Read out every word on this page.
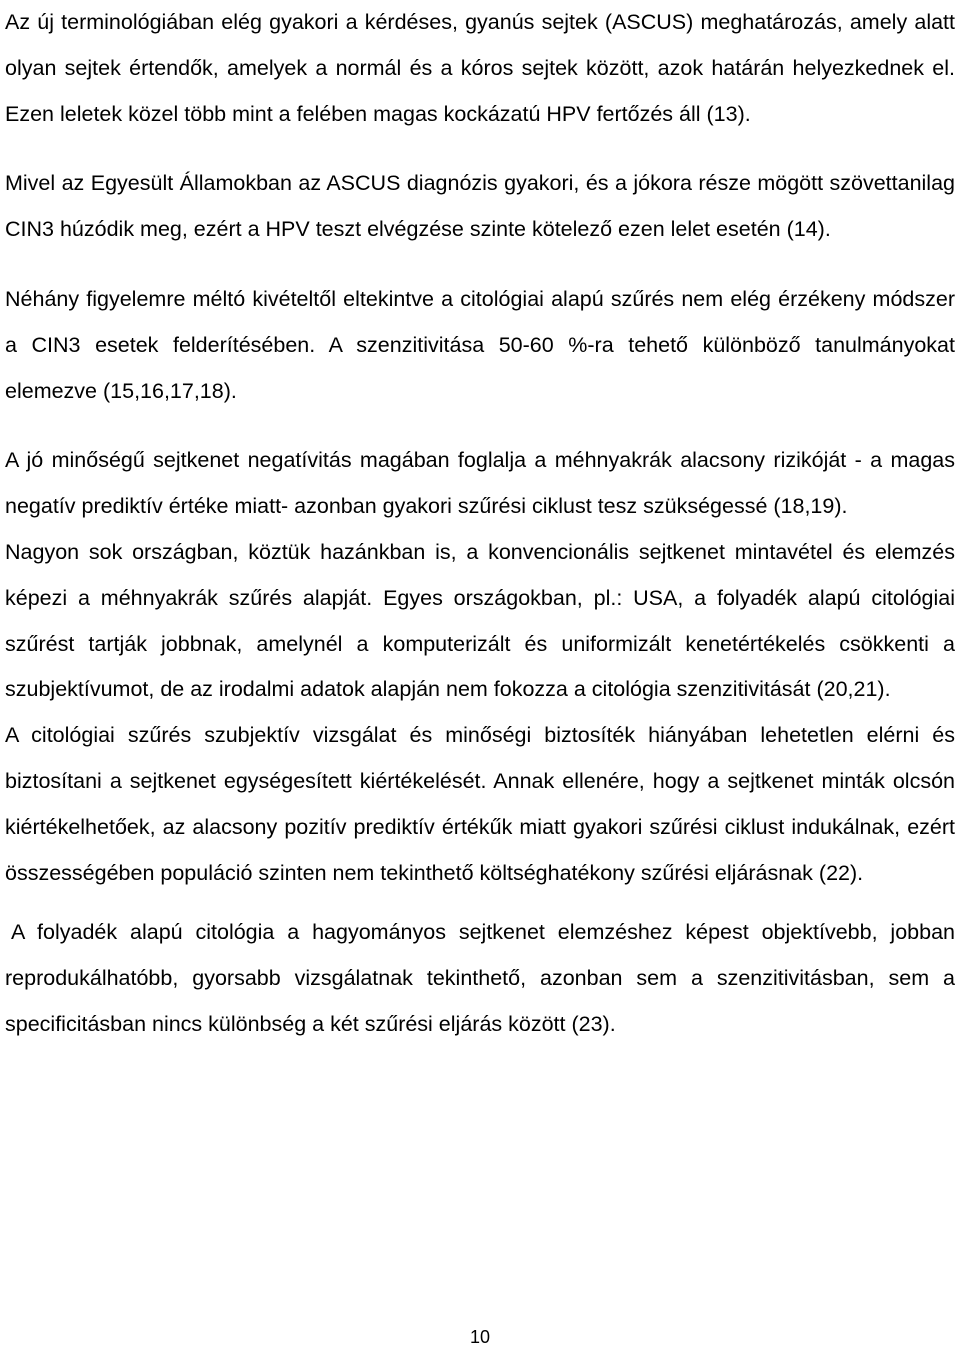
Az új terminológiában elég gyakori a kérdéses, gyanús sejtek (ASCUS) meghatározás, amely alatt olyan sejtek értendők, amelyek a normál és a kóros sejtek között, azok határán helyezkednek el. Ezen leletek közel több mint a felében magas kockázatú HPV fertőzés áll (13).

Mivel az Egyesült Államokban az ASCUS diagnózis gyakori, és a jókora része mögött szövettanilag CIN3 húzódik meg, ezért a HPV teszt elvégzése szinte kötelező ezen lelet esetén (14).

Néhány figyelemre méltó kivételtől eltekintve a citológiai alapú szűrés nem elég érzékeny módszer a CIN3 esetek felderítésében. A szenzitivitása 50-60 %-ra tehető különböző tanulmányokat elemezve (15,16,17,18).

A jó minőségű sejtkenet negatívitás magában foglalja a méhnyakrák alacsony rizikóját - a magas negatív prediktív értéke miatt- azonban gyakori szűrési ciklust tesz szükségessé (18,19).

Nagyon sok országban, köztük hazánkban is, a konvencionális sejtkenet mintavétel és elemzés képezi a méhnyakrák szűrés alapját. Egyes országokban, pl.: USA, a folyadék alapú citológiai szűrést tartják jobbnak, amelynél a komputerizált és uniformizált kenetértékelés csökkenti a szubjektívumot, de az irodalmi adatok alapján nem fokozza a citológia szenzitivitását (20,21).

A citológiai szűrés szubjektív vizsgálat és minőségi biztosíték hiányában lehetetlen elérni és biztosítani a sejtkenet egységesített kiértékelését. Annak ellenére, hogy a sejtkenet minták olcsón kiértékelhetőek, az alacsony pozitív prediktív értékűk miatt gyakori szűrési ciklust indukálnak, ezért összességében populáció szinten nem tekinthető költséghatékony szűrési eljárásnak (22).

A folyadék alapú citológia a hagyományos sejtkenet elemzéshez képest objektívebb, jobban reprodukálhatóbb, gyorsabb vizsgálatnak tekinthető, azonban sem a szenzitivitásban, sem a specificitásban nincs különbség a két szűrési eljárás között (23).

10
